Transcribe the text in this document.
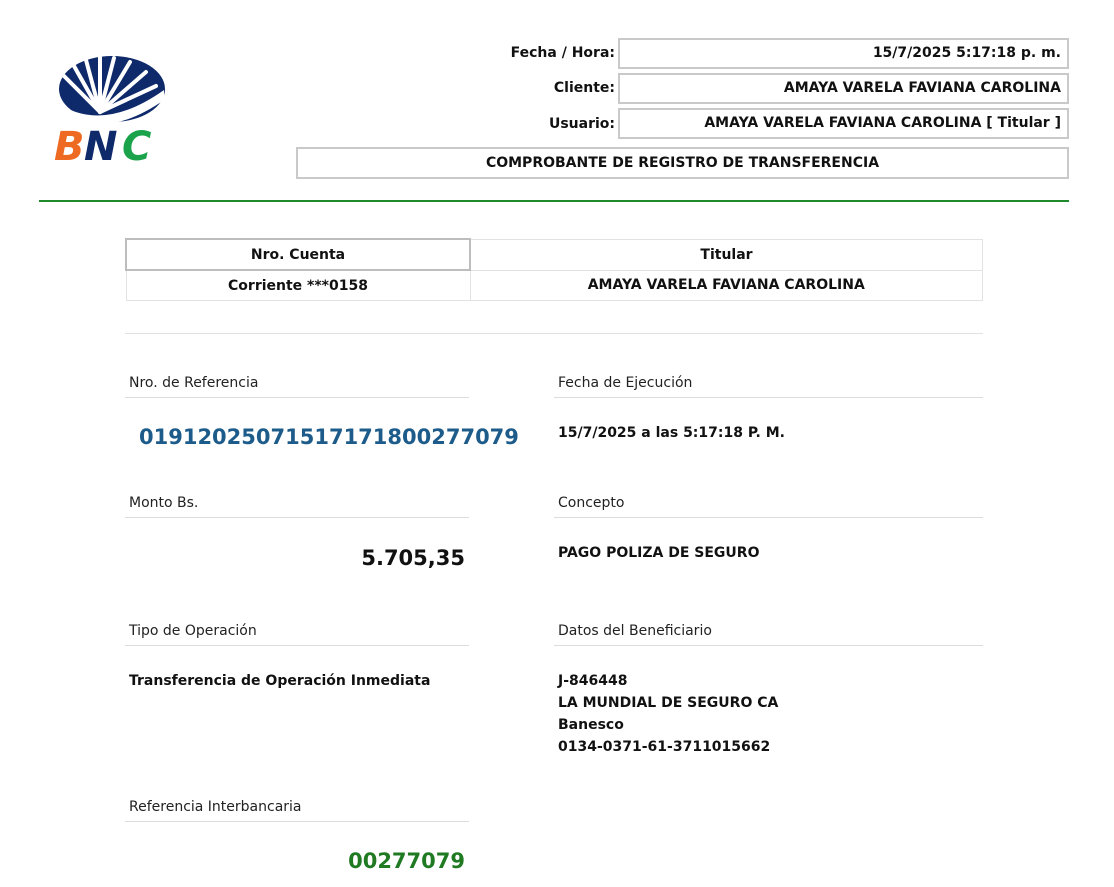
B N C
Fecha / Hora:	15/7/2025 5:17:18 p. m.
Cliente:	AMAYA VARELA FAVIANA CAROLINA
Usuario:	AMAYA VARELA FAVIANA CAROLINA [ Titular ]
COMPROBANTE DE REGISTRO DE TRANSFERENCIA
Nro. Cuenta	Titular
Corriente ***0158	AMAYA VARELA FAVIANA CAROLINA
Nro. de Referencia
0191202507151717180027707​9
Fecha de Ejecución
15/7/2025 a las 5:17:18 P. M.
Monto Bs.
5.705,35
Concepto
PAGO POLIZA DE SEGURO
Tipo de Operación
Transferencia de Operación Inmediata
Datos del Beneficiario
J-846448
LA MUNDIAL DE SEGURO CA
Banesco
0134-0371-61-3711015662
Referencia Interbancaria
00277079
